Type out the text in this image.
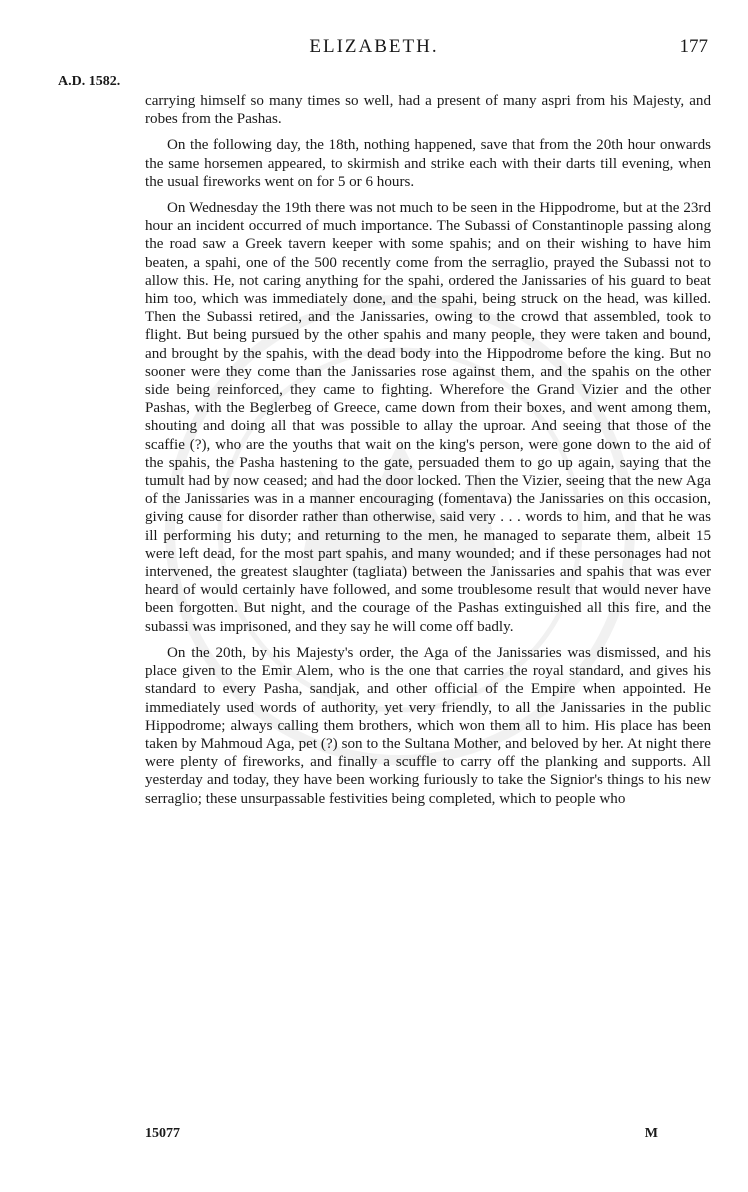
ELIZABETH.	177
A.D. 1582.

carrying himself so many times so well, had a present of many aspri from his Majesty, and robes from the Pashas.

On the following day, the 18th, nothing happened, save that from the 20th hour onwards the same horsemen appeared, to skirmish and strike each with their darts till evening, when the usual fireworks went on for 5 or 6 hours.

On Wednesday the 19th there was not much to be seen in the Hippodrome, but at the 23rd hour an incident occurred of much importance. The Subassi of Constantinople passing along the road saw a Greek tavern keeper with some spahis; and on their wishing to have him beaten, a spahi, one of the 500 recently come from the serraglio, prayed the Subassi not to allow this. He, not caring anything for the spahi, ordered the Janissaries of his guard to beat him too, which was immediately done, and the spahi, being struck on the head, was killed. Then the Subassi retired, and the Janissaries, owing to the crowd that assembled, took to flight. But being pursued by the other spahis and many people, they were taken and bound, and brought by the spahis, with the dead body into the Hippodrome before the king. But no sooner were they come than the Janissaries rose against them, and the spahis on the other side being reinforced, they came to fighting. Wherefore the Grand Vizier and the other Pashas, with the Beglerbeg of Greece, came down from their boxes, and went among them, shouting and doing all that was possible to allay the uproar. And seeing that those of the scaffie (?), who are the youths that wait on the king's person, were gone down to the aid of the spahis, the Pasha hastening to the gate, persuaded them to go up again, saying that the tumult had by now ceased; and had the door locked. Then the Vizier, seeing that the new Aga of the Janissaries was in a manner encouraging (fomentava) the Janissaries on this occasion, giving cause for disorder rather than otherwise, said very . . . words to him, and that he was ill performing his duty; and returning to the men, he managed to separate them, albeit 15 were left dead, for the most part spahis, and many wounded; and if these personages had not intervened, the greatest slaughter (tagliata) between the Janissaries and spahis that was ever heard of would certainly have followed, and some troublesome result that would never have been forgotten. But night, and the courage of the Pashas extinguished all this fire, and the subassi was imprisoned, and they say he will come off badly.

On the 20th, by his Majesty's order, the Aga of the Janissaries was dismissed, and his place given to the Emir Alem, who is the one that carries the royal standard, and gives his standard to every Pasha, sandjak, and other official of the Empire when appointed. He immediately used words of authority, yet very friendly, to all the Janissaries in the public Hippodrome; always calling them brothers, which won them all to him. His place has been taken by Mahmoud Aga, pet (?) son to the Sultana Mother, and beloved by her. At night there were plenty of fireworks, and finally a scuffle to carry off the planking and supports. All yesterday and today, they have been working furiously to take the Signior's things to his new serraglio; these unsurpassable festivities being completed, which to people who

15077	M
